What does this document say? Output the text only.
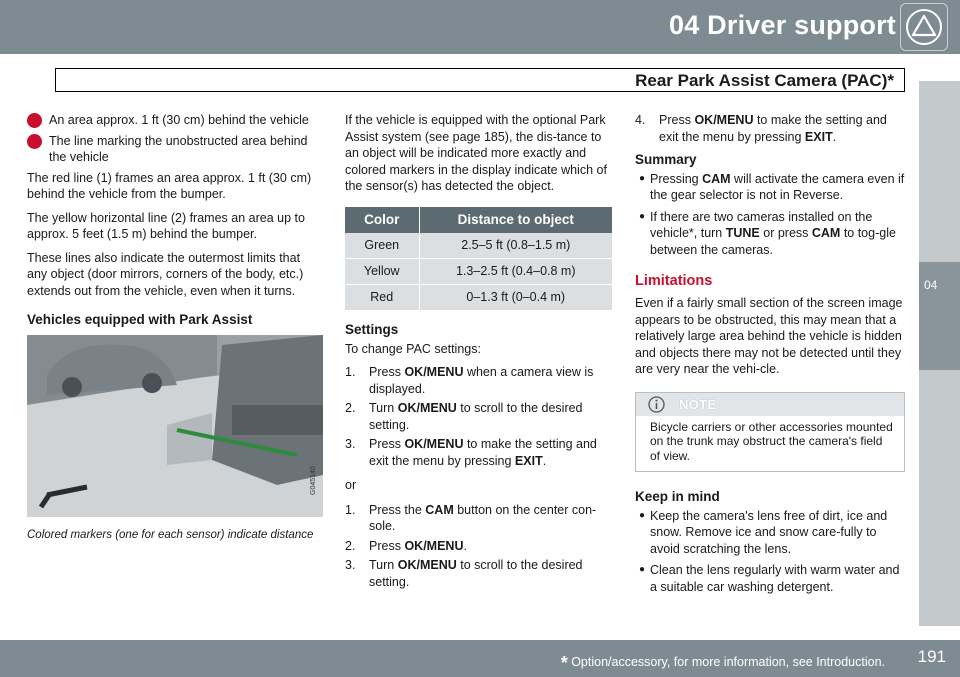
04 Driver support
Rear Park Assist Camera (PAC)*
04
An area approx. 1 ft (30 cm) behind the vehicle
The line marking the unobstructed area behind the vehicle

The red line (1) frames an area approx. 1 ft (30 cm) behind the vehicle from the bumper.

The yellow horizontal line (2) frames an area up to approx. 5 feet (1.5 m) behind the bumper.

These lines also indicate the outermost limits that any object (door mirrors, corners of the body, etc.) extends out from the vehicle, even when it turns.

Vehicles equipped with Park Assist
G045140
Colored markers (one for each sensor) indicate distance

If the vehicle is equipped with the optional Park Assist system (see page 185), the dis-tance to an object will be indicated more exactly and colored markers in the display indicate which of the sensor(s) has detected the object.

Color	Distance to object
Green	2.5–5 ft (0.8–1.5 m)
Yellow	1.3–2.5 ft (0.4–0.8 m)
Red	0–1.3 ft (0–0.4 m)
Settings

To change PAC settings:

1.	Press OK/MENU when a camera view is displayed.
2.	Turn OK/MENU to scroll to the desired setting.
3.	Press OK/MENU to make the setting and exit the menu by pressing EXIT.
or
1.	Press the CAM button on the center con-sole.
2.	Press OK/MENU.
3.	Turn OK/MENU to scroll to the desired setting.
4.	Press OK/MENU to make the setting and exit the menu by pressing EXIT.
Summary
● Pressing CAM will activate the camera even if the gear selector is not in Reverse.
● If there are two cameras installed on the vehicle*, turn TUNE or press CAM to tog-gle between the cameras.
Limitations

Even if a fairly small section of the screen image appears to be obstructed, this may mean that a relatively large area behind the vehicle is hidden and objects there may not be detected until they are very near the vehi-cle.

NOTE
Bicycle carriers or other accessories mounted on the trunk may obstruct the camera's field of view.
Keep in mind
● Keep the camera's lens free of dirt, ice and snow. Remove ice and snow care-fully to avoid scratching the lens.
● Clean the lens regularly with warm water and a suitable car washing detergent.
* Option/accessory, for more information, see Introduction. 191
